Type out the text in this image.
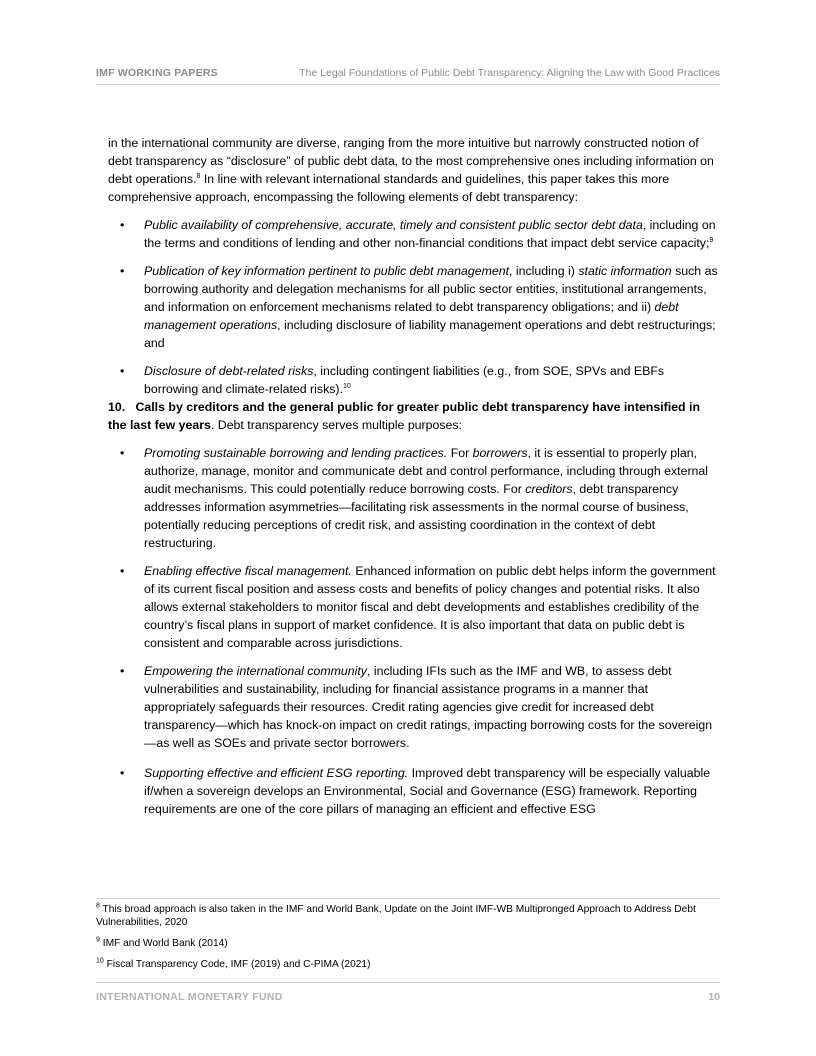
IMF WORKING PAPERS	The Legal Foundations of Public Debt Transparency: Aligning the Law with Good Practices

in the international community are diverse, ranging from the more intuitive but narrowly constructed notion of debt transparency as “disclosure” of public debt data, to the most comprehensive ones including information on debt operations.$^8$ In line with relevant international standards and guidelines, this paper takes this more comprehensive approach, encompassing the following elements of debt transparency:

• Public availability of comprehensive, accurate, timely and consistent public sector debt data, including on the terms and conditions of lending and other non-financial conditions that impact debt service capacity;$^9$
• Publication of key information pertinent to public debt management, including i) static information such as borrowing authority and delegation mechanisms for all public sector entities, institutional arrangements, and information on enforcement mechanisms related to debt transparency obligations; and ii) debt management operations, including disclosure of liability management operations and debt restructurings; and
• Disclosure of debt-related risks, including contingent liabilities (e.g., from SOE, SPVs and EBFs borrowing and climate-related risks).$^{10}$

10. Calls by creditors and the general public for greater public debt transparency have intensified in the last few years. Debt transparency serves multiple purposes:

• Promoting sustainable borrowing and lending practices. For borrowers, it is essential to properly plan, authorize, manage, monitor and communicate debt and control performance, including through external audit mechanisms. This could potentially reduce borrowing costs. For creditors, debt transparency addresses information asymmetries—facilitating risk assessments in the normal course of business, potentially reducing perceptions of credit risk, and assisting coordination in the context of debt restructuring.
• Enabling effective fiscal management. Enhanced information on public debt helps inform the government of its current fiscal position and assess costs and benefits of policy changes and potential risks. It also allows external stakeholders to monitor fiscal and debt developments and establishes credibility of the country’s fiscal plans in support of market confidence. It is also important that data on public debt is consistent and comparable across jurisdictions.
• Empowering the international community, including IFIs such as the IMF and WB, to assess debt vulnerabilities and sustainability, including for financial assistance programs in a manner that appropriately safeguards their resources. Credit rating agencies give credit for increased debt transparency—which has knock-on impact on credit ratings, impacting borrowing costs for the sovereign—as well as SOEs and private sector borrowers.
• Supporting effective and efficient ESG reporting. Improved debt transparency will be especially valuable if/when a sovereign develops an Environmental, Social and Governance (ESG) framework. Reporting requirements are one of the core pillars of managing an efficient and effective ESG
$^8$ This broad approach is also taken in the IMF and World Bank, Update on the Joint IMF-WB Multipronged Approach to Address Debt Vulnerabilities, 2020
$^9$ IMF and World Bank (2014)
$^{10}$ Fiscal Transparency Code, IMF (2019) and C-PIMA (2021)
INTERNATIONAL MONETARY FUND	10
